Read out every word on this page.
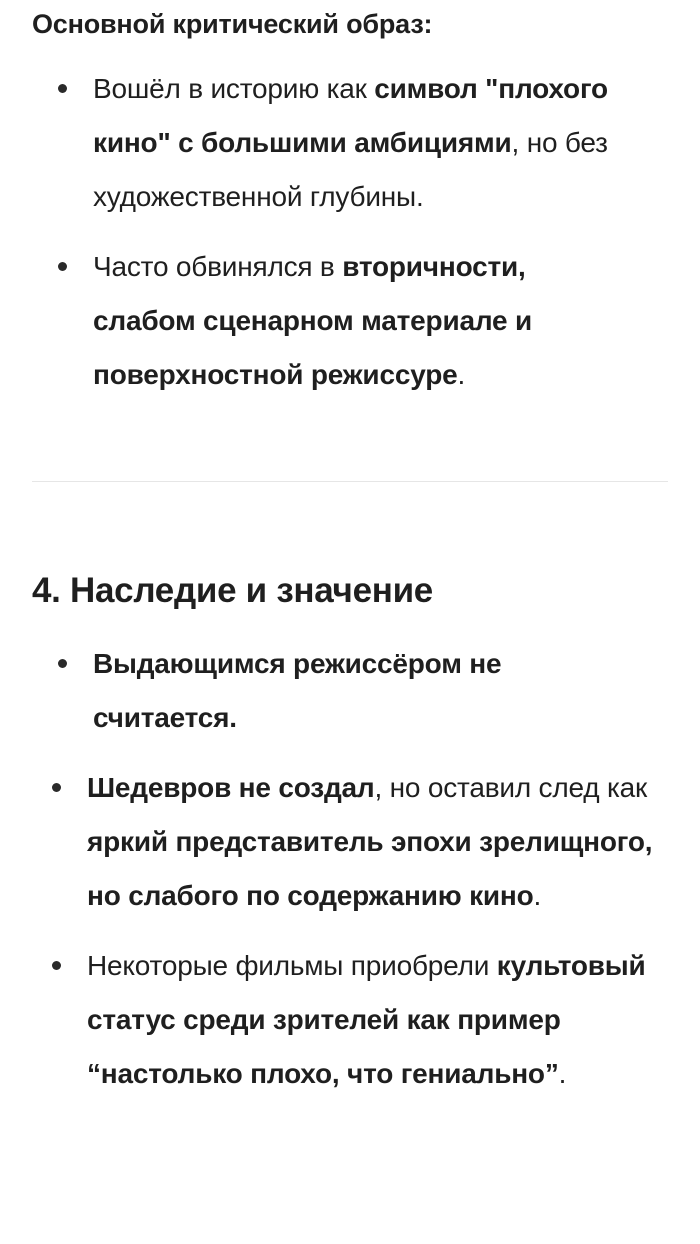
Основной критический образ:
Вошёл в историю как символ "плохого кино" с большими амбициями, но без художественной глубины.
Часто обвинялся в вторичности, слабом сценарном материале и поверхностной режиссуре.
4. Наследие и значение
Выдающимся режиссёром не считается.
Шедевров не создал, но оставил след как яркий представитель эпохи зрелищного, но слабого по содержанию кино.
Некоторые фильмы приобрели культовый статус среди зрителей как пример “настолько плохо, что гениально”.
